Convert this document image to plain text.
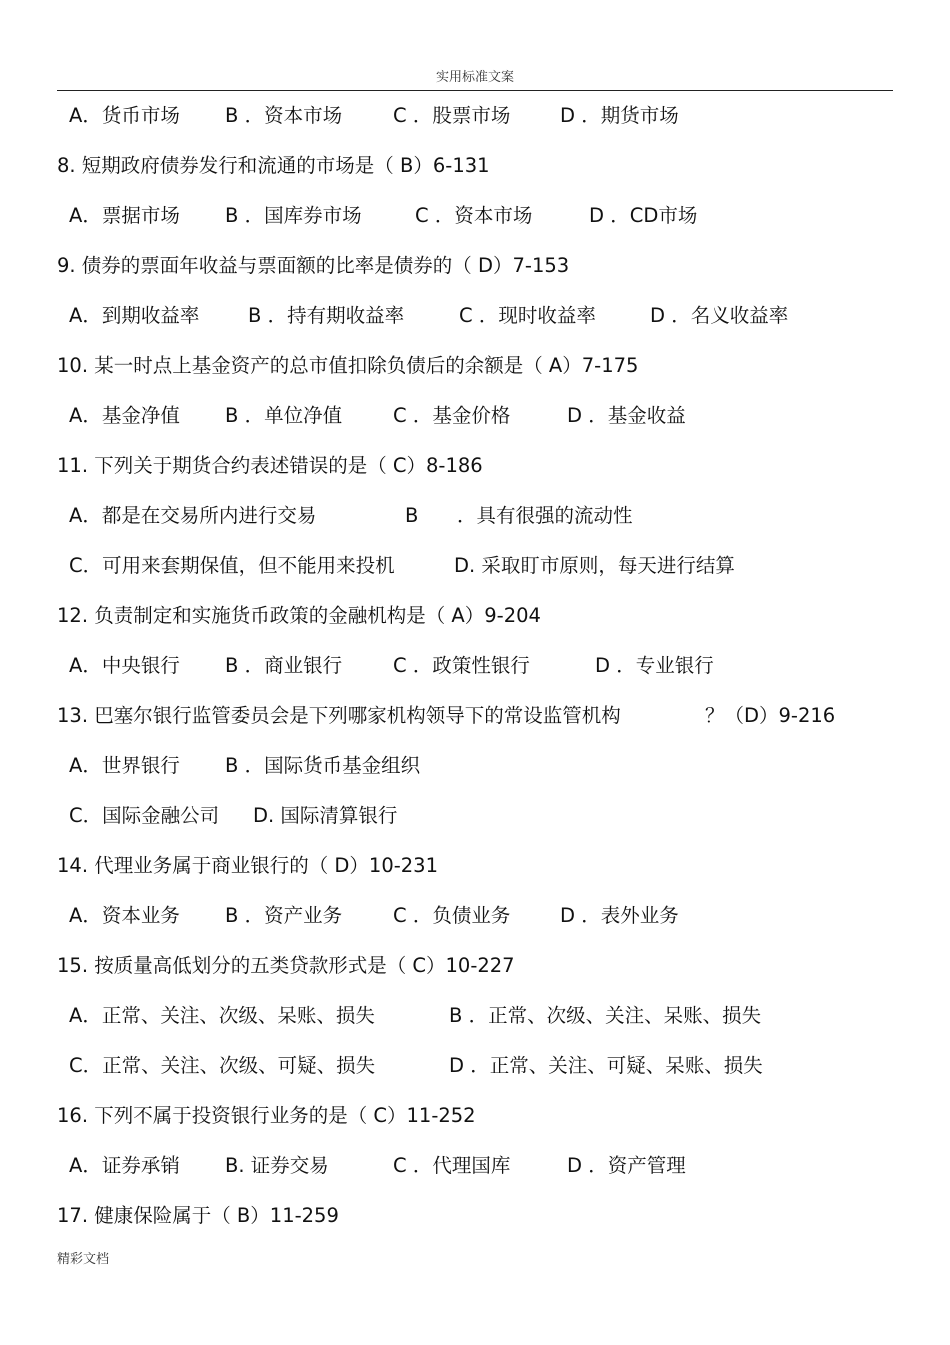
实用标准文案
A．货币市场 B ．资本市场	C ．股票市场	D ．期货市场
8. 短期政府债券发行和流通的市场是（ B）6-131
A．票据市场 B ．国库券市场	C ．资本市场	D ．CD市场
9. 债券的票面年收益与票面额的比率是债券的（ D）7-153
A．到期收益率 B ．持有期收益率	C ．现时收益率	D ．名义收益率
10. 某一时点上基金资产的总市值扣除负债后的余额是（ A）7-175
A．基金净值 B ．单位净值	C ．基金价格	D ．基金收益
11. 下列关于期货合约表述错误的是（ C）8-186
A．都是在交易所内进行交易	B ．具有很强的流动性
C．可用来套期保值，但不能用来投机	D. 采取盯市原则，每天进行结算
12. 负责制定和实施货币政策的金融机构是（ A）9-204
A．中央银行 B ．商业银行	C ．政策性银行	D ．专业银行
13. 巴塞尔银行监管委员会是下列哪家机构领导下的常设监管机构	？（D）9-216
A．世界银行 B ．国际货币基金组织
C．国际金融公司 D. 国际清算银行
14. 代理业务属于商业银行的（ D）10-231
A．资本业务 B ．资产业务	C ．负债业务	D ．表外业务
15. 按质量高低划分的五类贷款形式是（ C）10-227
A．正常、关注、次级、呆账、损失	B ．正常、次级、关注、呆账、损失
C．正常、关注、次级、可疑、损失	D ．正常、关注、可疑、呆账、损失
16. 下列不属于投资银行业务的是（ C）11-252
A．证券承销 B. 证券交易	C ．代理国库	D ．资产管理
17. 健康保险属于（ B）11-259
精彩文档
